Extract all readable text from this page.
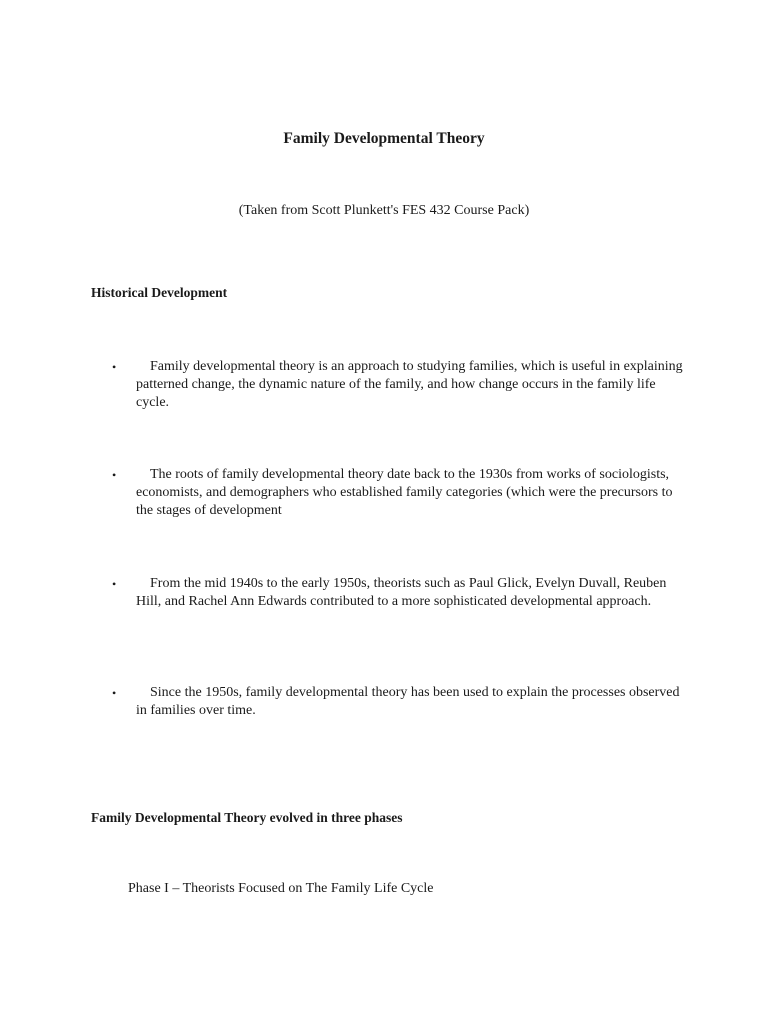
Family Developmental Theory
(Taken from Scott Plunkett's FES 432 Course Pack)
Historical Development
•	Family developmental theory is an approach to studying families, which is useful in explaining patterned change, the dynamic nature of the family, and how change occurs in the family life cycle.
•	The roots of family developmental theory date back to the 1930s from works of sociologists, economists, and demographers who established family categories (which were the precursors to the stages of development
•	From the mid 1940s to the early 1950s, theorists such as Paul Glick, Evelyn Duvall, Reuben Hill, and Rachel Ann Edwards contributed to a more sophisticated developmental approach.
•	Since the 1950s, family developmental theory has been used to explain the processes observed in families over time.
Family Developmental Theory evolved in three phases
Phase I – Theorists Focused on The Family Life Cycle
